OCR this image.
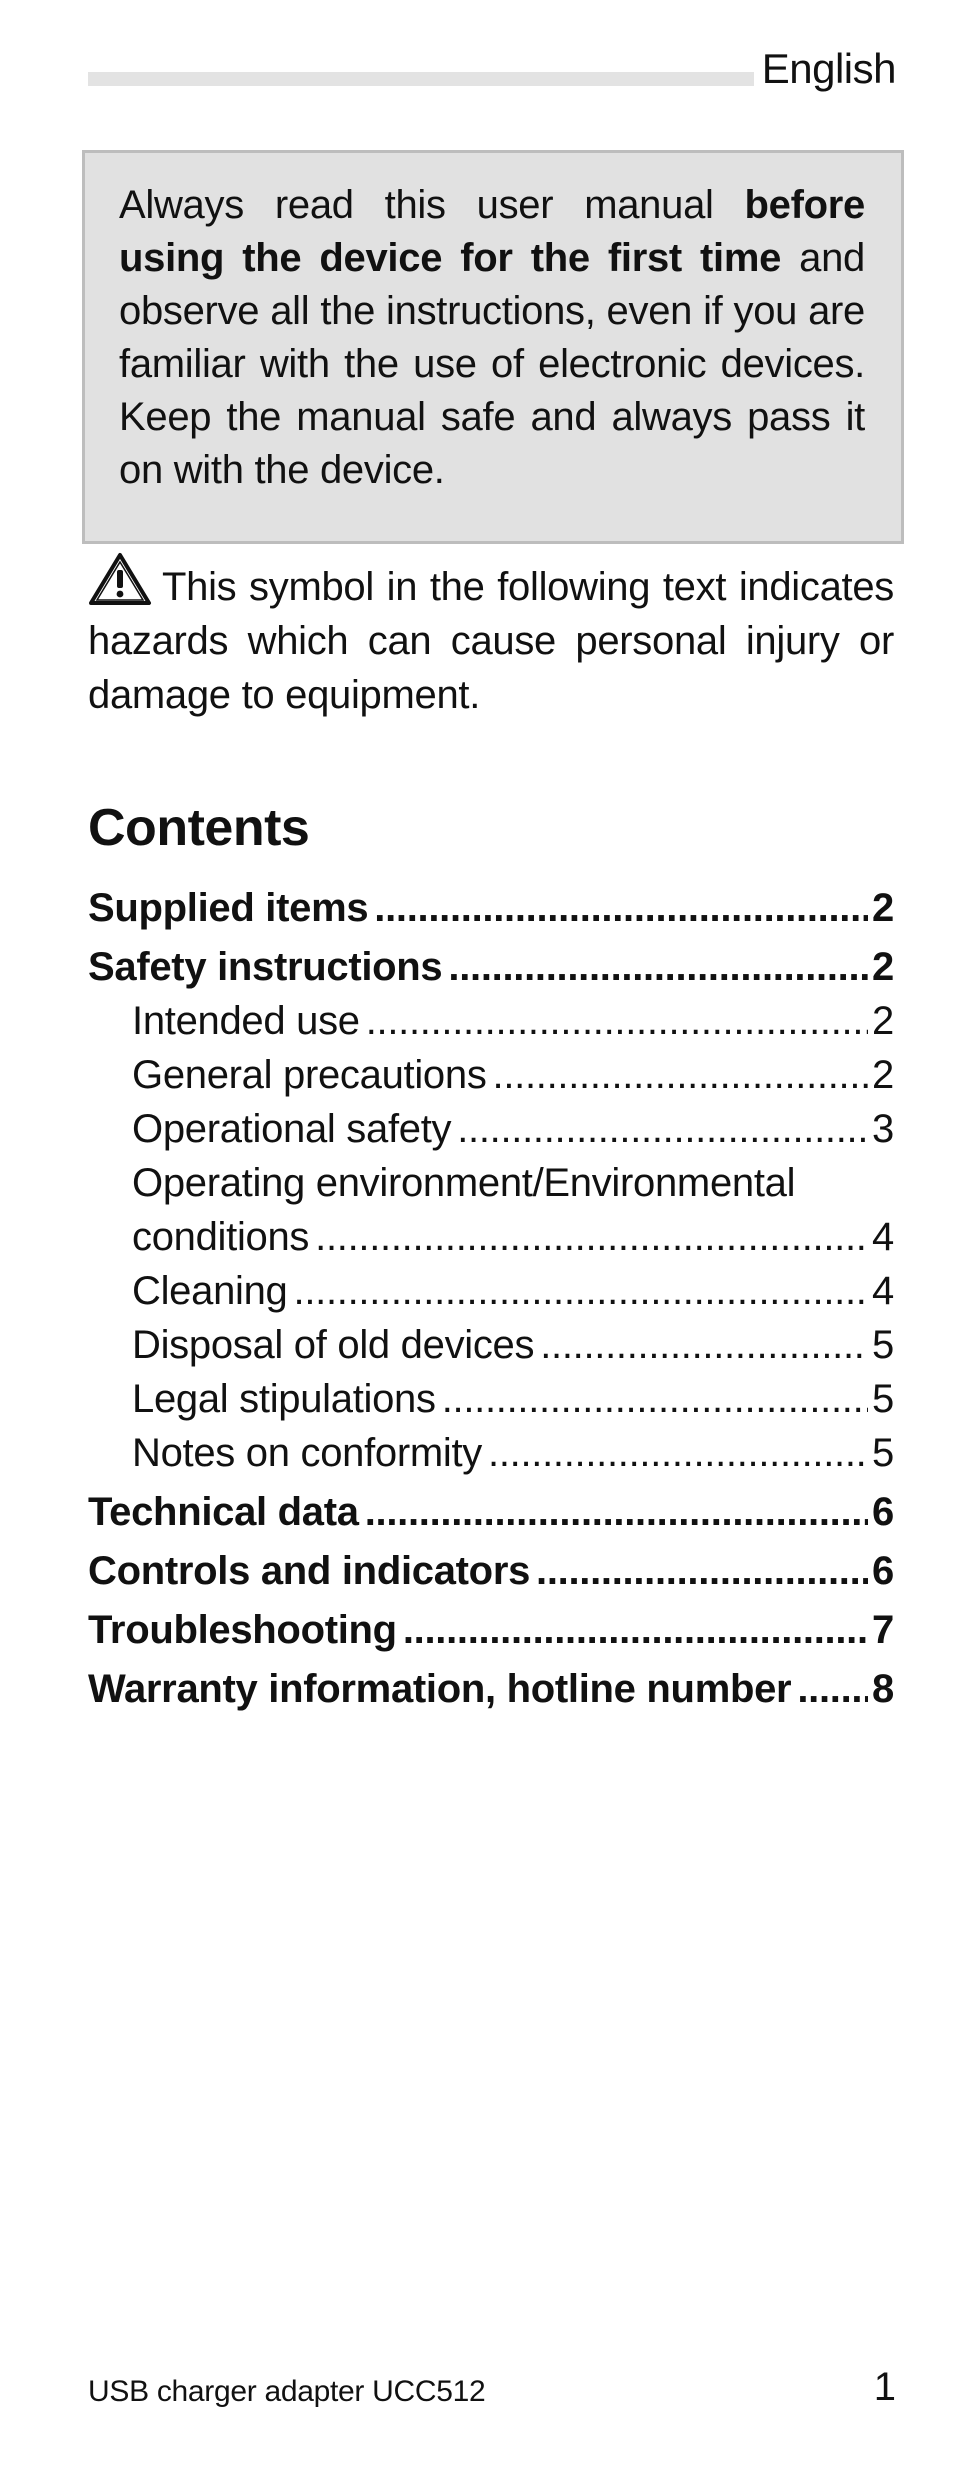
English
Always read this user manual before using the device for the first time and observe all the instructions, even if you are familiar with the use of electronic devices. Keep the manual safe and always pass it on with the device.
This symbol in the following text indicates hazards which can cause personal injury or damage to equipment.
Contents
Supplied items .....	2
Safety instructions .....	2
Intended use .....	2
General precautions .....	2
Operational safety .....	3
Operating environment/Environmental
conditions .....	4
Cleaning .....	4
Disposal of old devices .....	5
Legal stipulations .....	5
Notes on conformity .....	5
Technical data .....	6
Controls and indicators .....	6
Troubleshooting .....	7
Warranty information, hotline number ..... 8
USB charger adapter UCC512	1
